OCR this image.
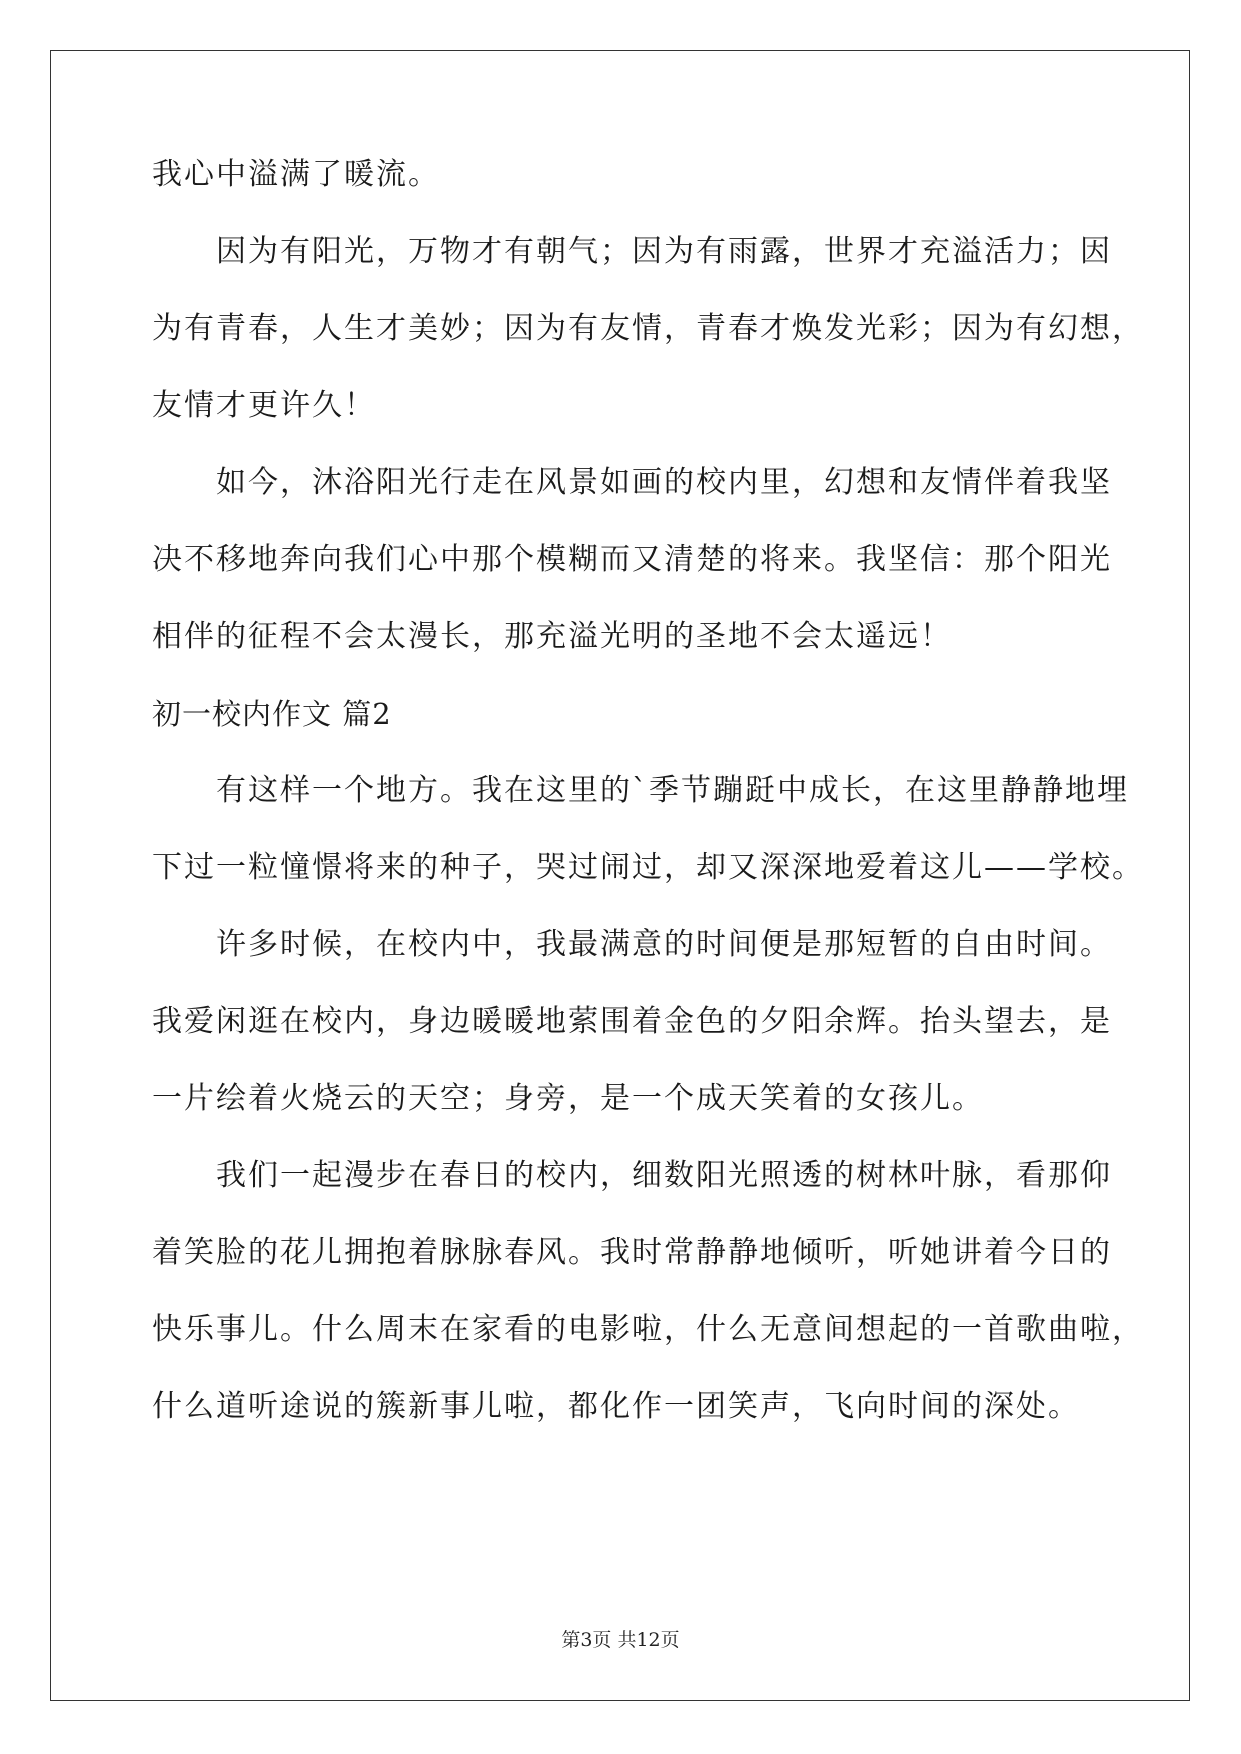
我心中溢满了暖流。
因为有阳光，万物才有朝气；因为有雨露，世界才充溢活力；因
为有青春，人生才美妙；因为有友情，青春才焕发光彩；因为有幻想，
友情才更许久！
如今，沐浴阳光行走在风景如画的校内里，幻想和友情伴着我坚
决不移地奔向我们心中那个模糊而又清楚的将来。我坚信：那个阳光
相伴的征程不会太漫长，那充溢光明的圣地不会太遥远！
初一校内作文 篇2
有这样一个地方。我在这里的`季节蹦跹中成长，在这里静静地埋
下过一粒憧憬将来的种子，哭过闹过，却又深深地爱着这儿——学校。
许多时候，在校内中，我最满意的时间便是那短暂的自由时间。
我爱闲逛在校内，身边暖暖地萦围着金色的夕阳余辉。抬头望去，是
一片绘着火烧云的天空；身旁，是一个成天笑着的女孩儿。
我们一起漫步在春日的校内，细数阳光照透的树林叶脉，看那仰
着笑脸的花儿拥抱着脉脉春风。我时常静静地倾听，听她讲着今日的
快乐事儿。什么周末在家看的电影啦，什么无意间想起的一首歌曲啦，
什么道听途说的簇新事儿啦，都化作一团笑声，飞向时间的深处。
第3页 共12页
